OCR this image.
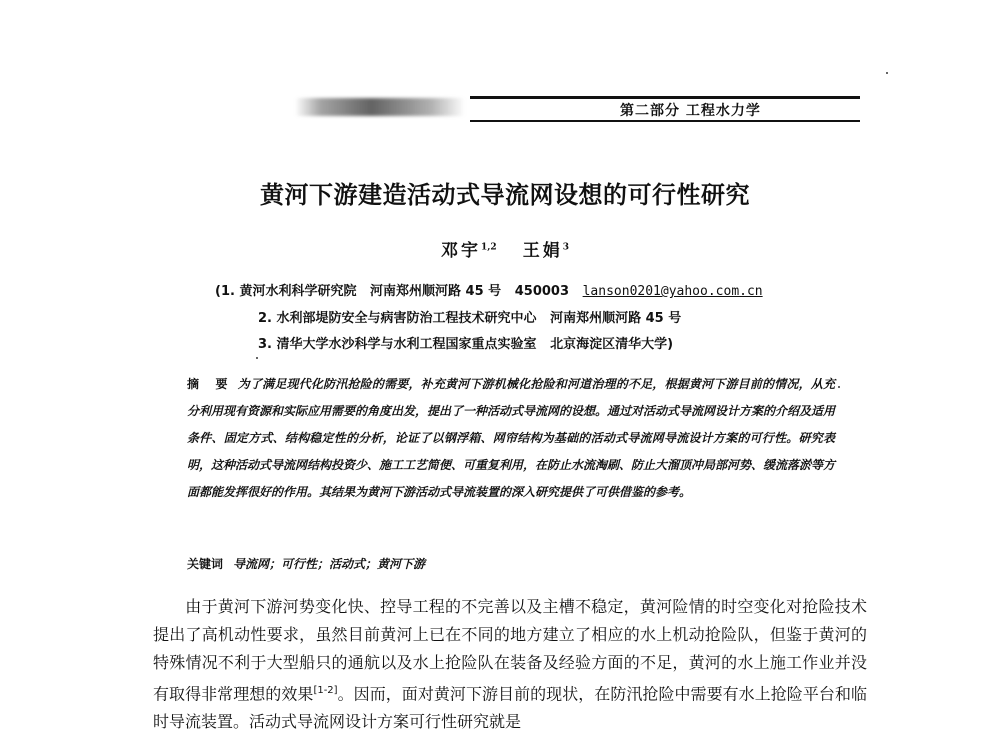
第二部分 工程水力学
黄河下游建造活动式导流网设想的可行性研究
邓宇$^{1,2}$ 王娟$^3$
(1. 黄河水利科学研究院   河南郑州顺河路 45 号   450003   lanson0201@yahoo.com.cn
2. 水利部堤防安全与病害防治工程技术研究中心   河南郑州顺河路 45 号
3. 清华大学水沙科学与水利工程国家重点实验室   北京海淀区清华大学)
摘 要 为了满足现代化防汛抢险的需要，补充黄河下游机械化抢险和河道治理的不足，根据黄河下游目前的情况，从充分利用现有资源和实际应用需要的角度出发，提出了一种活动式导流网的设想。通过对活动式导流网设计方案的介绍及适用条件、固定方式、结构稳定性的分析，论证了以钢浮箱、网帘结构为基础的活动式导流网导流设计方案的可行性。研究表明，这种活动式导流网结构投资少、施工工艺简便、可重复利用，在防止水流淘刷、防止大溜顶冲局部河势、缓流落淤等方面都能发挥很好的作用。其结果为黄河下游活动式导流装置的深入研究提供了可供借鉴的参考。
关键词 导流网；可行性；活动式；黄河下游
由于黄河下游河势变化快、控导工程的不完善以及主槽不稳定，黄河险情的时空变化对抢险技术提出了高机动性要求，虽然目前黄河上已在不同的地方建立了相应的水上机动抢险队，但鉴于黄河的特殊情况不利于大型船只的通航以及水上抢险队在装备及经验方面的不足，黄河的水上施工作业并没有取得非常理想的效果[1-2]。因而，面对黄河下游目前的现状，在防汛抢险中需要有水上抢险平台和临时导流装置。活动式导流网设计方案可行性研究就是
